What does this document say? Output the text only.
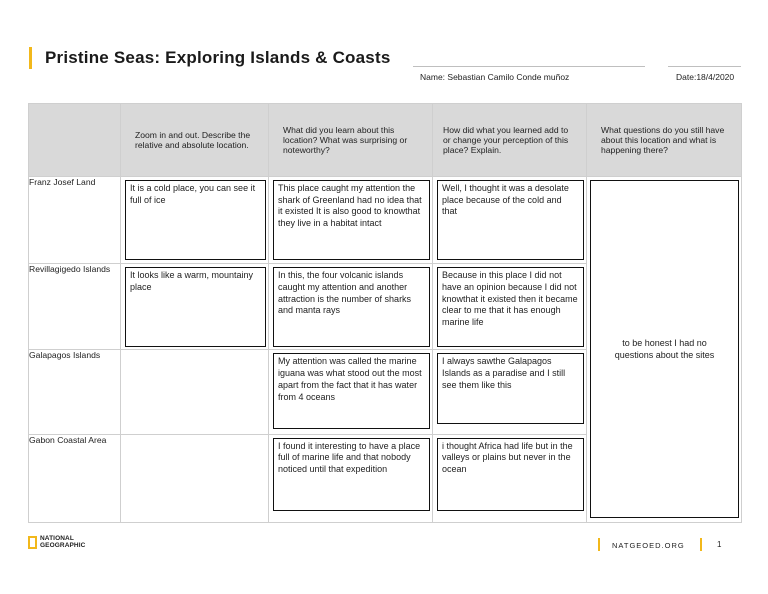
Pristine Seas: Exploring Islands & Coasts
Name: Sebastian Camilo Conde muñoz	Date:18/4/2020

	Zoom in and out. Describe the relative and absolute location.	What did you learn about this location? What was surprising or noteworthy?	How did what you learned add to or change your perception of this place? Explain.	What questions do you still have about this location and what is happening there?

Franz Josef Land	It is a cold place, you can see it full of ice	This place caught my attention the shark of Greenland had no idea that it existed It is also good to knowthat they live in a habitat intact	Well, I thought it was a desolate place because of the cold and that	to be honest I had no questions about the sites

Revillagigedo Islands	It looks like a warm, mountainy place	In this, the four volcanic islands caught my attention and another attraction is the number of sharks and manta rays	Because in this place I did not have an opinion because I did not knowthat it existed then it became clear to me that it has enough marine life	

Galapagos Islands		My attention was called the marine iguana was what stood out the most apart from the fact that it has water from 4 oceans	I always sawthe Galapagos Islands as a paradise and I still see them like this	

Gabon Coastal Area		I found it interesting to have a place full of marine life and that nobody noticed until that expedition	i thought Africa had life but in the valleys or plains but never in the ocean	
NATIONAL
GEOGRAPHIC	NATGEOED.ORG	1
